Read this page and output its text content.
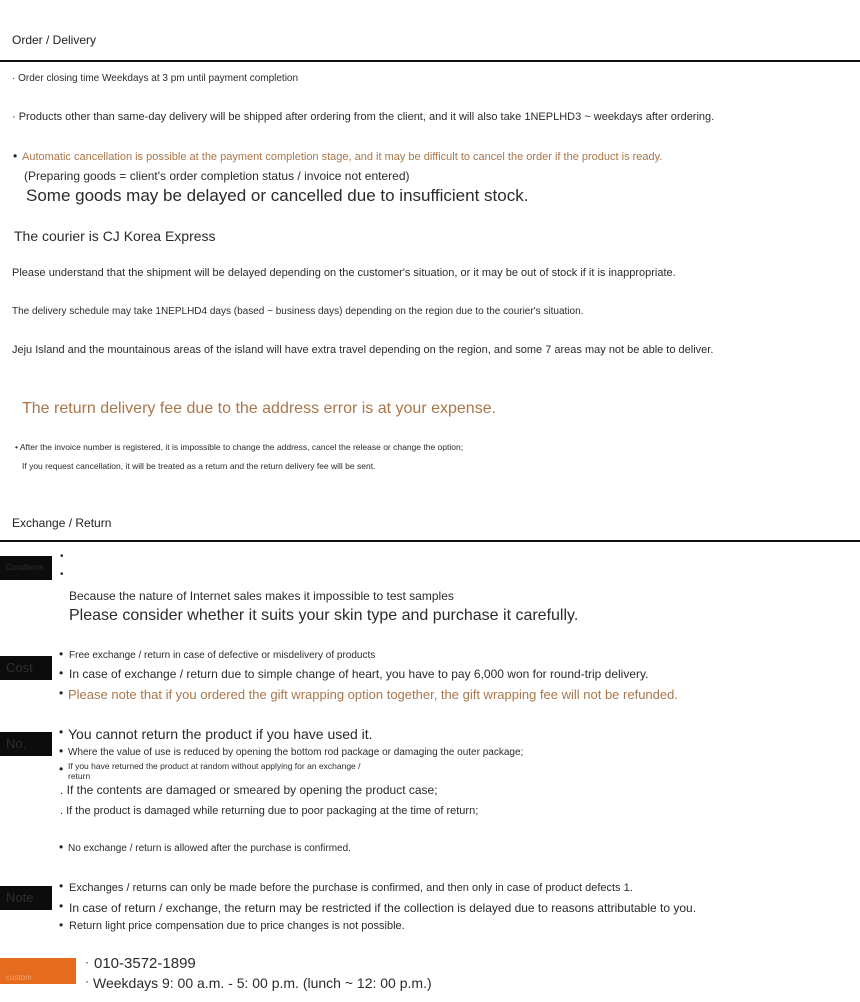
Order / Delivery
· Order closing time Weekdays at 3 pm until payment completion
· Products other than same-day delivery will be shipped after ordering from the client, and it will also take 1NEPLHD3 ~ weekdays after ordering.
• Automatic cancellation is possible at the payment completion stage, and it may be difficult to cancel the order if the product is ready.
(Preparing goods = client's order completion status / invoice not entered)
Some goods may be delayed or cancelled due to insufficient stock.
The courier is CJ Korea Express
Please understand that the shipment will be delayed depending on the customer's situation, or it may be out of stock if it is inappropriate.
The delivery schedule may take 1NEPLHD4 days (based ~ business days) depending on the region due to the courier's situation.
Jeju Island and the mountainous areas of the island will have extra travel depending on the region, and some 7 areas may not be able to deliver.
The return delivery fee due to the address error is at your expense.
• After the invoice number is registered, it is impossible to change the address, cancel the release or change the option;
If you request cancellation, it will be treated as a return and the return delivery fee will be sent.
Exchange / Return
Conditions
•
•
Because the nature of Internet sales makes it impossible to test samples
Please consider whether it suits your skin type and purchase it carefully.
Cost
• Free exchange / return in case of defective or misdelivery of products
• In case of exchange / return due to simple change of heart, you have to pay 6,000 won for round-trip delivery.
• Please note that if you ordered the gift wrapping option together, the gift wrapping fee will not be refunded.
No.
• You cannot return the product if you have used it.
• Where the value of use is reduced by opening the bottom rod package or damaging the outer package;
• If you have returned the product at random without applying for an exchange /
return
. If the contents are damaged or smeared by opening the product case;
. If the product is damaged while returning due to poor packaging at the time of return;
• No exchange / return is allowed after the purchase is confirmed.
Note
• Exchanges / returns can only be made before the purchase is confirmed, and then only in case of product defects 1.
• In case of return / exchange, the return may be restricted if the collection is delayed due to reasons attributable to you.
• Return light price compensation due to price changes is not possible.
custom
· 010-3572-1899
· Weekdays 9: 00 a.m. - 5: 00 p.m. (lunch ~ 12: 00 p.m.)
